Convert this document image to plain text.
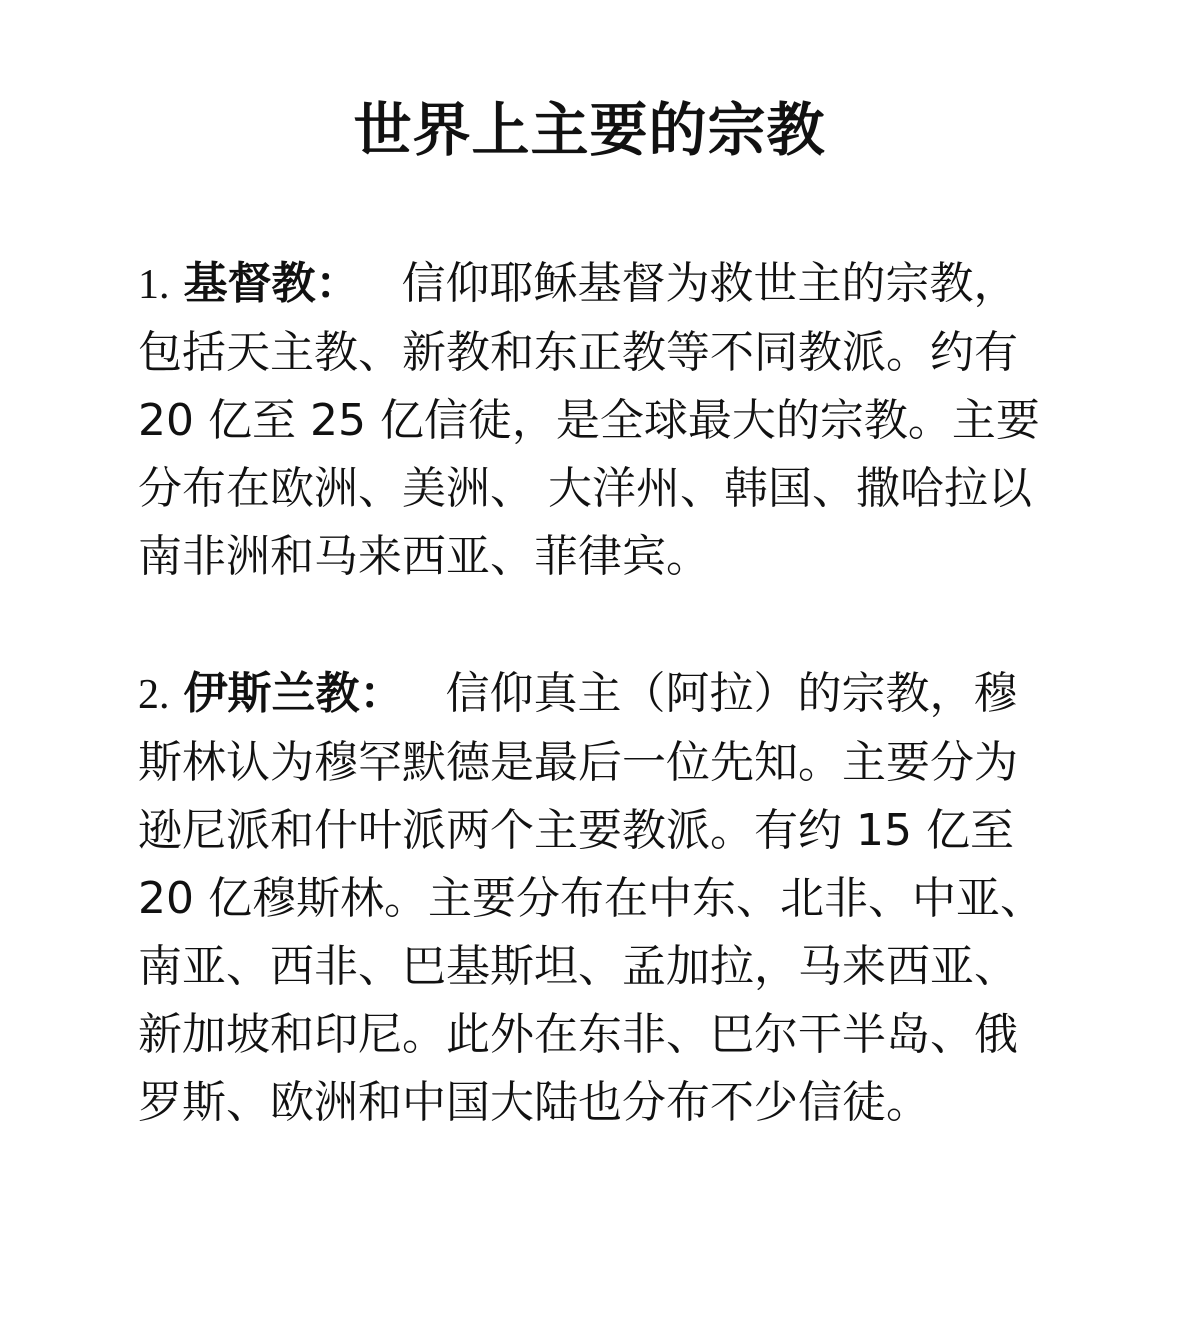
世界上主要的宗教

1. 基督教： 信仰耶稣基督为救世主的宗教，包括天主教、新教和东正教等不同教派。约有 20 亿至 25 亿信徒，是全球最大的宗教。主要分布在欧洲、美洲、 大洋州、韩国、撒哈拉以南非洲和马来西亚、菲律宾。

2. 伊斯兰教： 信仰真主（阿拉）的宗教，穆斯林认为穆罕默德是最后一位先知。主要分为逊尼派和什叶派两个主要教派。有约 15 亿至 20 亿穆斯林。主要分布在中东、北非、中亚、 南亚、西非、巴基斯坦、孟加拉，马来西亚、新加坡和印尼。此外在东非、巴尔干半岛、俄罗斯、欧洲和中国大陆也分布不少信徒。
